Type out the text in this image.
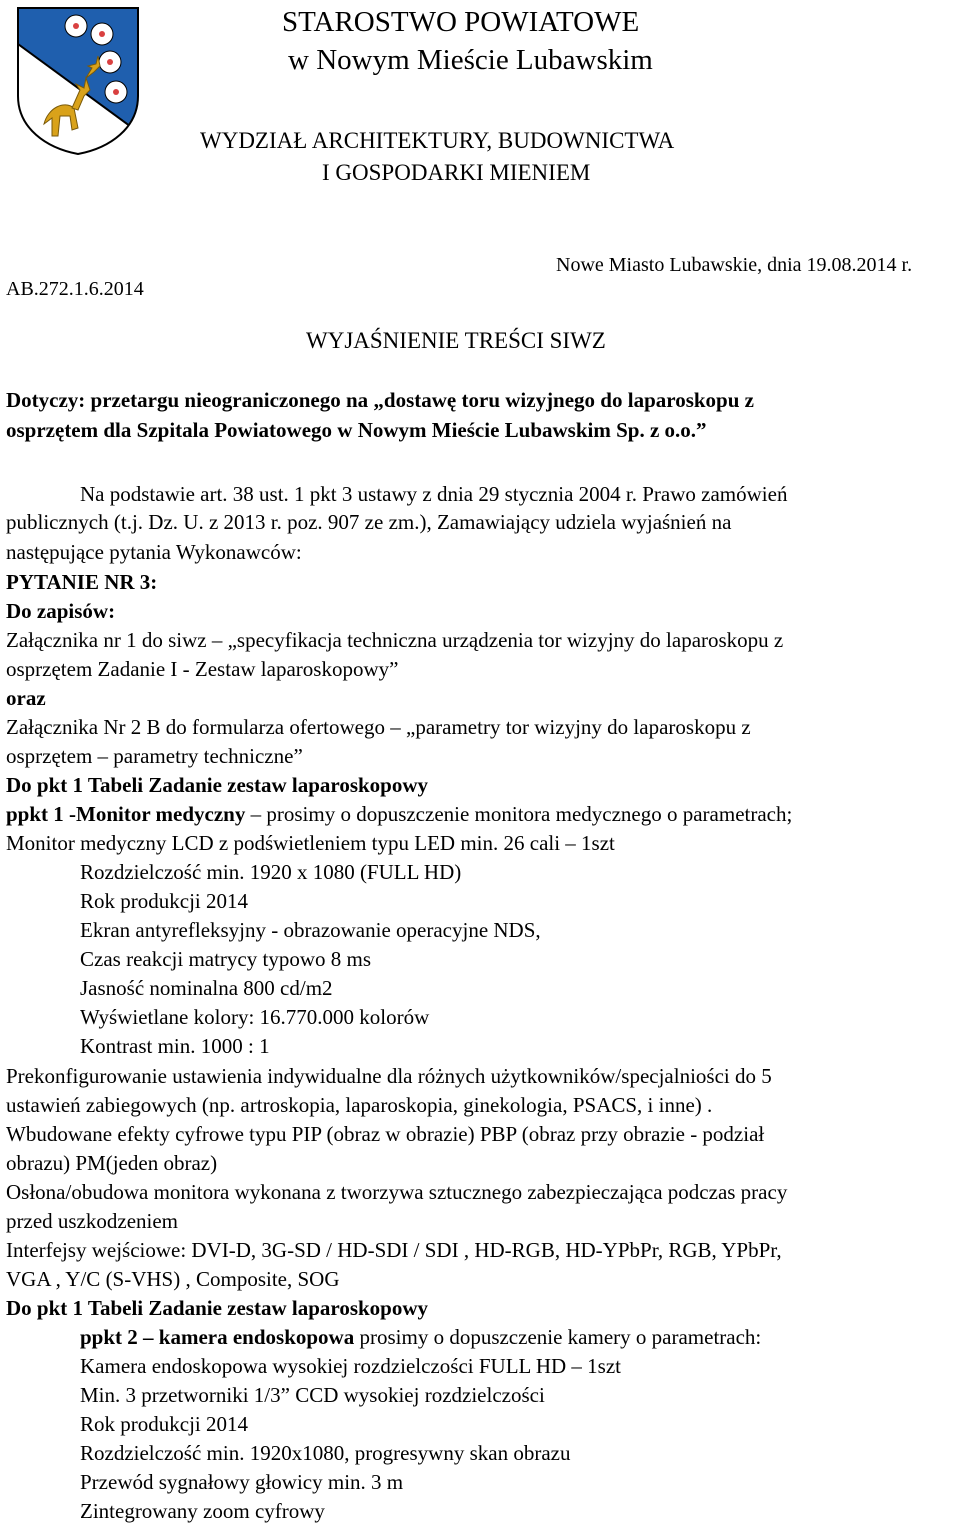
STAROSTWO POWIATOWE
w Nowym Mieście Lubawskim
WYDZIAŁ ARCHITEKTURY, BUDOWNICTWA
I GOSPODARKI MIENIEM
AB.272.1.6.2014
Nowe Miasto Lubawskie, dnia 19.08.2014 r.
WYJAŚNIENIE TREŚCI SIWZ
Dotyczy: przetargu nieograniczonego na „dostawę toru wizyjnego do laparoskopu z
osprzętem dla Szpitala Powiatowego w Nowym Mieście Lubawskim Sp. z o.o.”
Na podstawie art. 38 ust. 1 pkt 3 ustawy z dnia 29 stycznia 2004 r. Prawo zamówień
publicznych (t.j. Dz. U. z 2013 r. poz. 907 ze zm.), Zamawiający udziela wyjaśnień na
następujące pytania Wykonawców:
PYTANIE NR 3:
Do zapisów:
Załącznika nr 1 do siwz – „specyfikacja techniczna urządzenia tor wizyjny do laparoskopu z
osprzętem Zadanie I - Zestaw laparoskopowy”
oraz
Załącznika Nr 2 B do formularza ofertowego – „parametry tor wizyjny do laparoskopu z
osprzętem – parametry techniczne”
Do pkt 1 Tabeli Zadanie zestaw laparoskopowy
ppkt 1 -Monitor medyczny – prosimy o dopuszczenie monitora medycznego o parametrach;
Monitor medyczny LCD z podświetleniem typu LED min. 26 cali – 1szt
Rozdzielczość min. 1920 x 1080 (FULL HD)
Rok produkcji 2014
Ekran antyrefleksyjny - obrazowanie operacyjne NDS,
Czas reakcji matrycy typowo 8 ms
Jasność nominalna 800 cd/m2
Wyświetlane kolory: 16.770.000 kolorów
Kontrast min. 1000 : 1
Prekonfigurowanie ustawienia indywidualne dla różnych użytkowników/specjalniości do 5
ustawień zabiegowych (np. artroskopia, laparoskopia, ginekologia, PSACS, i inne) .
Wbudowane efekty cyfrowe typu PIP (obraz w obrazie) PBP (obraz przy obrazie - podział
obrazu) PM(jeden obraz)
Osłona/obudowa monitora wykonana z tworzywa sztucznego zabezpieczająca podczas pracy
przed uszkodzeniem
Interfejsy wejściowe: DVI-D, 3G-SD / HD-SDI / SDI , HD-RGB, HD-YPbPr, RGB, YPbPr,
VGA , Y/C (S-VHS) , Composite, SOG
Do pkt 1 Tabeli Zadanie zestaw laparoskopowy
ppkt 2 – kamera endoskopowa prosimy o dopuszczenie kamery o parametrach:
Kamera endoskopowa wysokiej rozdzielczości FULL HD – 1szt
Min. 3 przetworniki 1/3” CCD wysokiej rozdzielczości
Rok produkcji 2014
Rozdzielczość min. 1920x1080, progresywny skan obrazu
Przewód sygnałowy głowicy min. 3 m
Zintegrowany zoom cyfrowy
